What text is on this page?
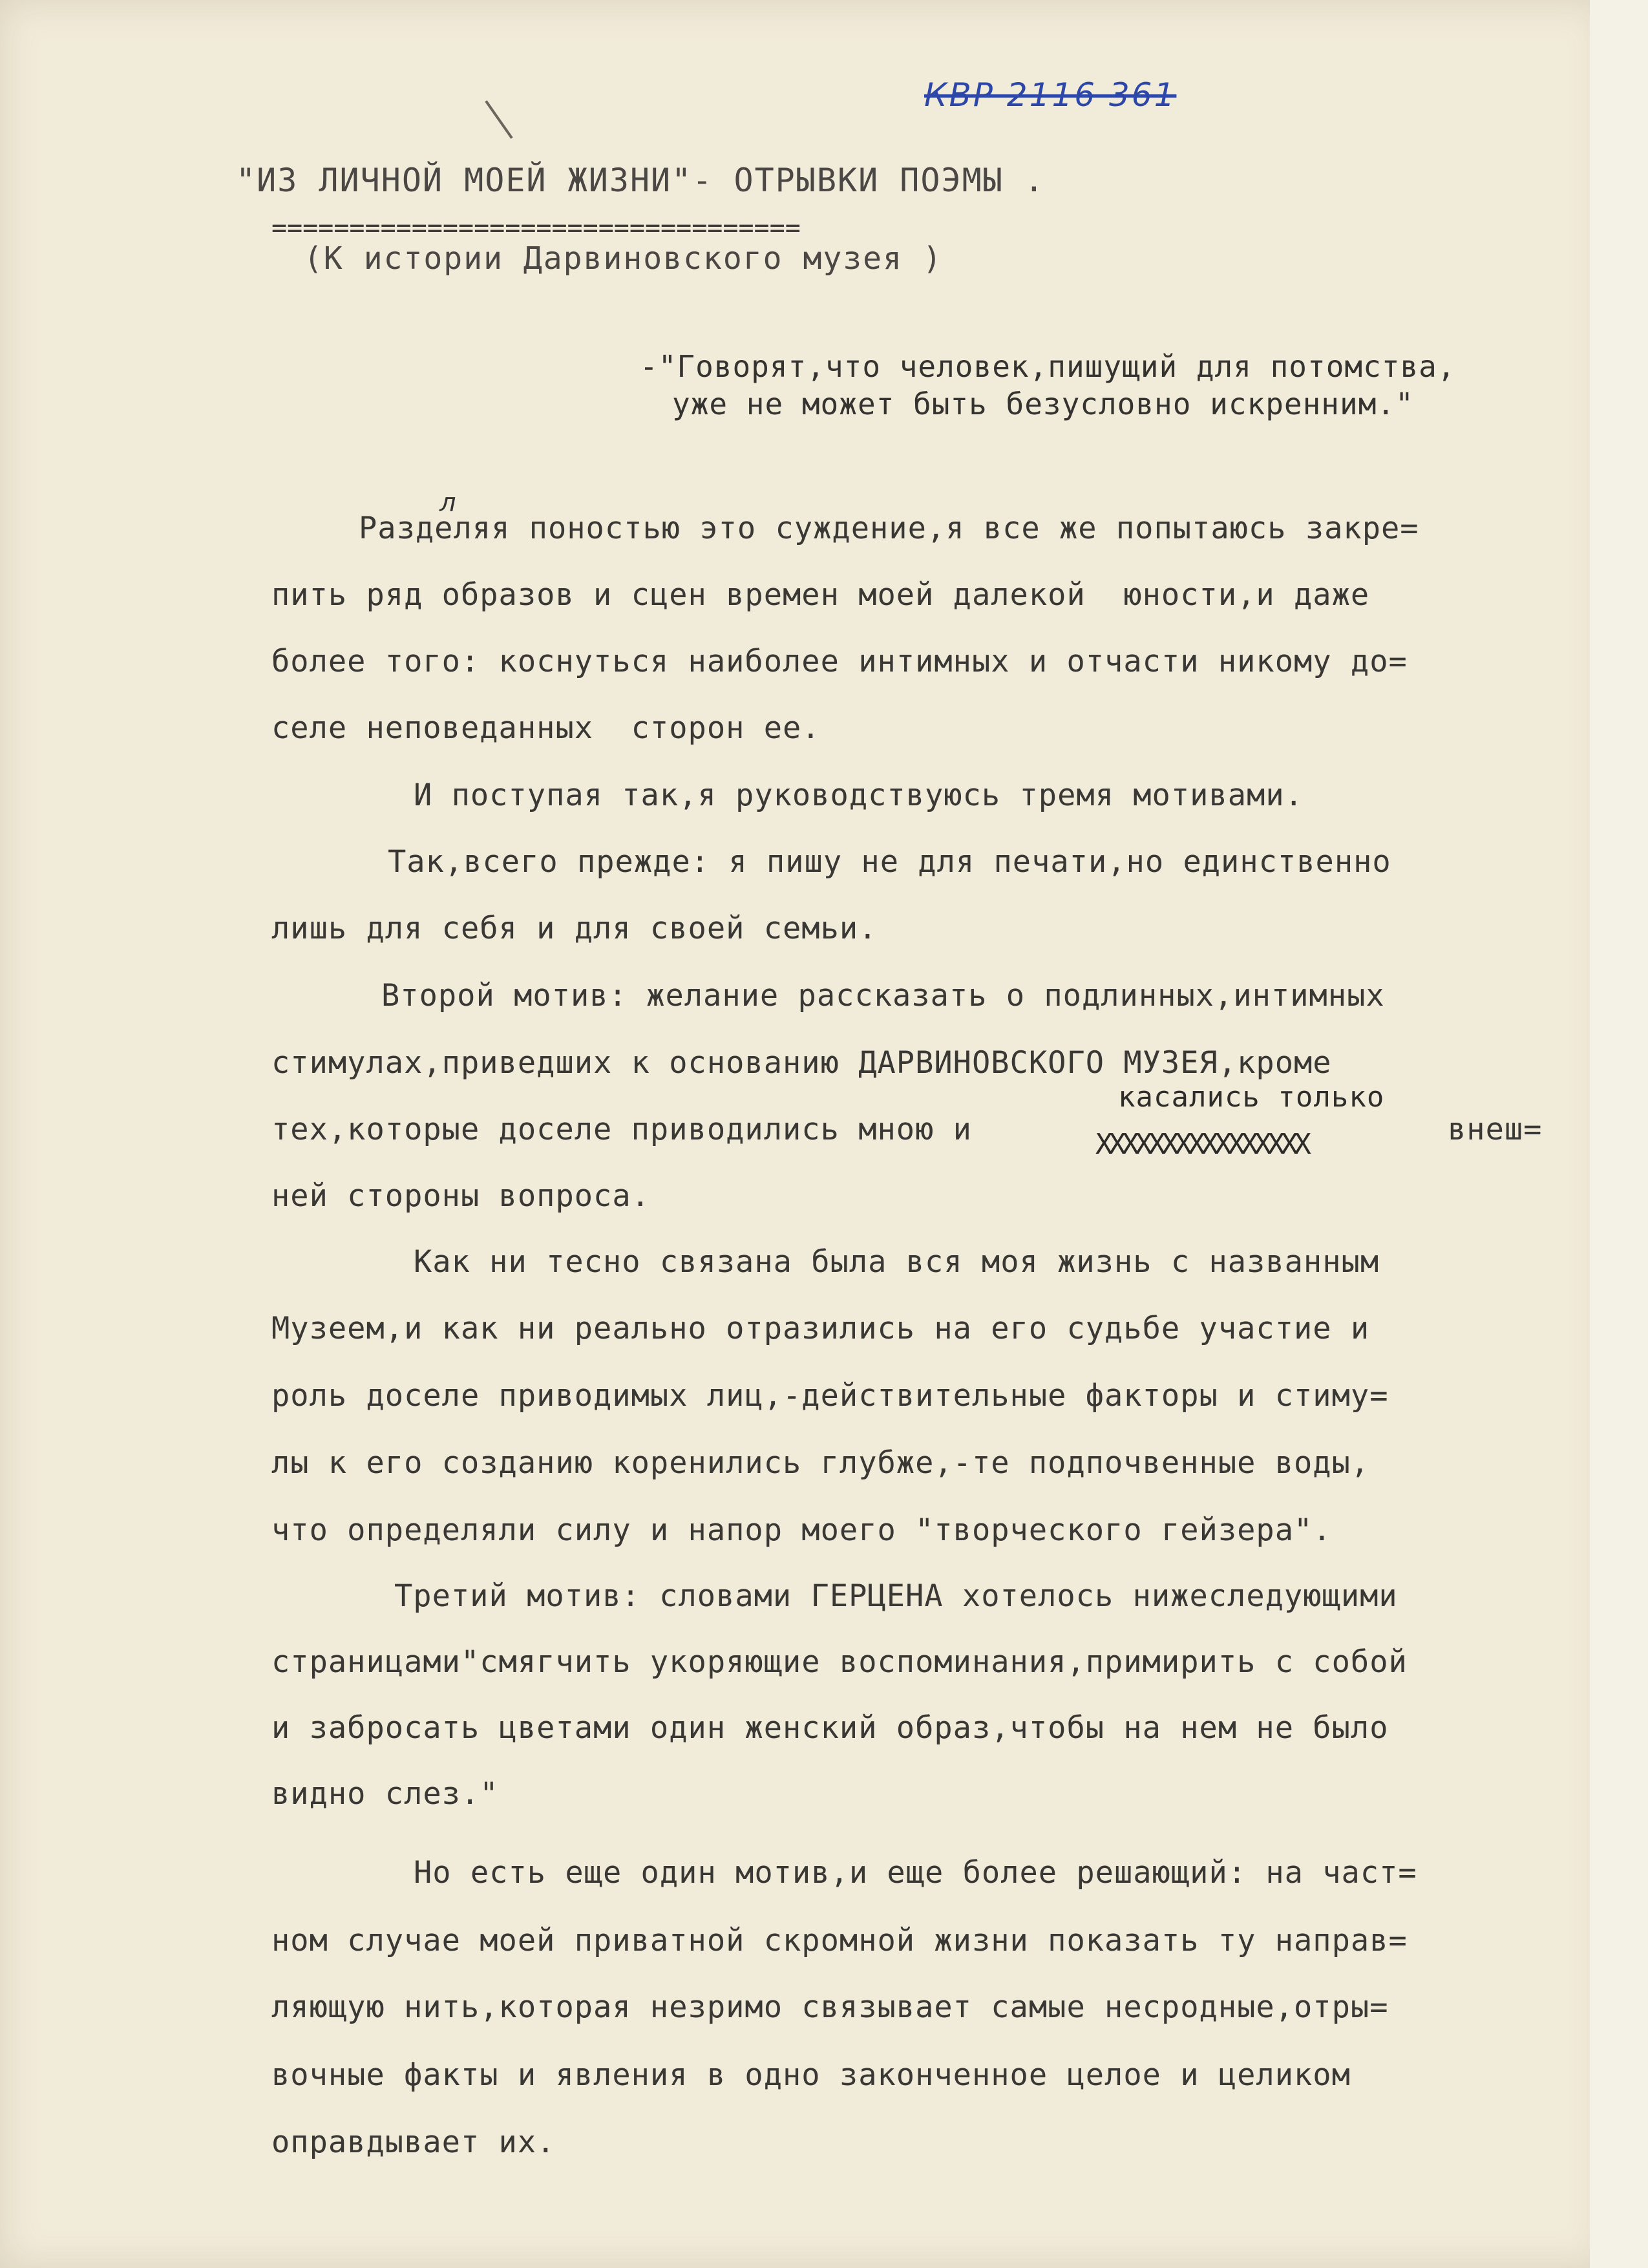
КВР 2116 361
"ИЗ ЛИЧНОЙ МОЕЙ ЖИЗНИ"- ОТРЫВКИ ПОЭМЫ .
==================================
(К истории Дарвиновского музея )
-"Говорят,что человек,пишущий для потомства,
уже не может быть безусловно искренним."
л
Разделяя поностью это суждение,я все же попытаюсь закре=
пить ряд образов и сцен времен моей далекой  юности,и даже
более того: коснуться наиболее интимных и отчасти никому до=
селе неповеданных  сторон ее.
И поступая так,я руководствуюсь тремя мотивами.
Так,всего прежде: я пишу не для печати,но единственно
лишь для себя и для своей семьи.
Второй мотив: желание рассказать о подлинных,интимных
стимулах,приведших к основанию ДАРВИНОВСКОГО МУЗЕЯ,кроме
касались только
тех,которые доселе приводились мною и	ХХХХХХХХХХХХХХХХ	внеш=
ней стороны вопроса.
Как ни тесно связана была вся моя жизнь с названным
Музеем,и как ни реально отразились на его судьбе участие и
роль доселе приводимых лиц,-действительные факторы и стиму=
лы к его созданию коренились глубже,-те подпочвенные воды,
что определяли силу и напор моего "творческого гейзера".
Третий мотив: словами ГЕРЦЕНА хотелось нижеследующими
страницами"смягчить укоряющие воспоминания,примирить с собой
и забросать цветами один женский образ,чтобы на нем не было
видно слез."
Но есть еще один мотив,и еще более решающий: на част=
ном случае моей приватной скромной жизни показать ту направ=
ляющую нить,которая незримо связывает самые несродные,отры=
вочные факты и явления в одно законченное целое и целиком
оправдывает их.
